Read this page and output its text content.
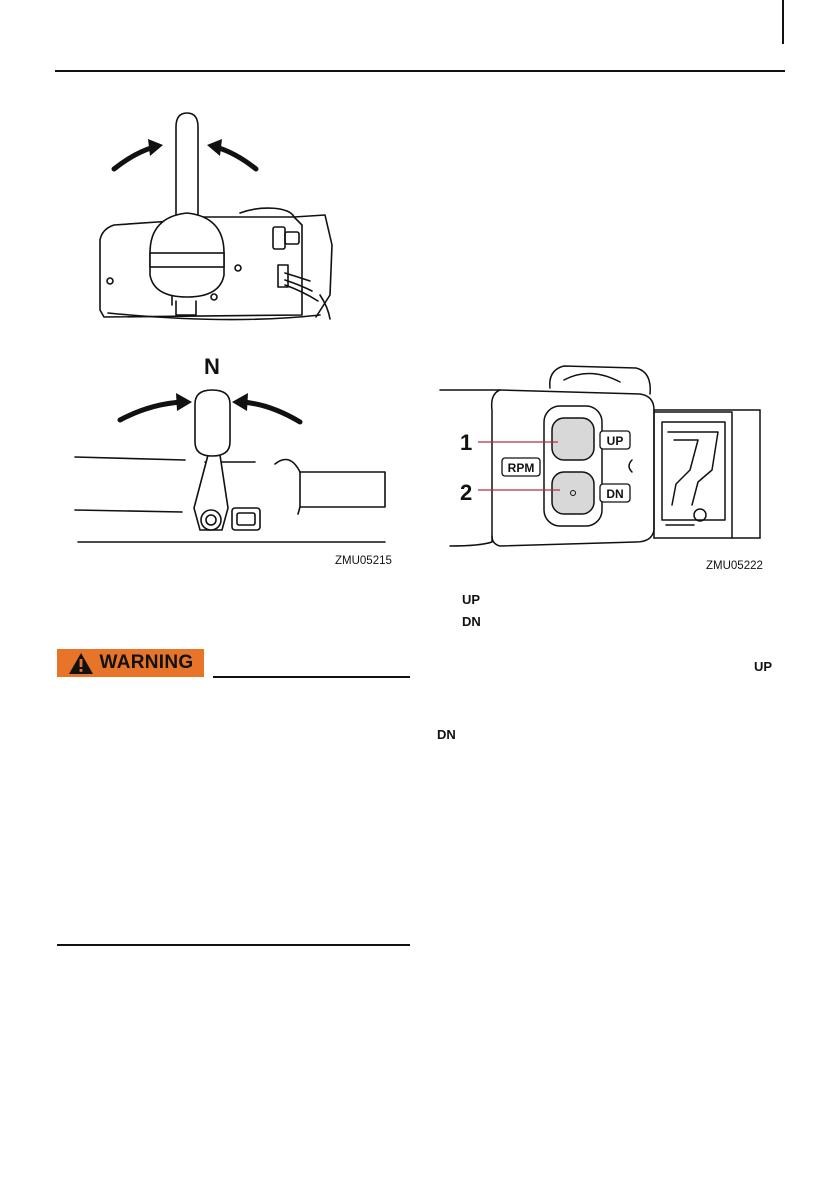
N
ZMU05215
UP
DN
RPM
1
2
ZMU05222
UP
DN
WARNING	UP
DN
